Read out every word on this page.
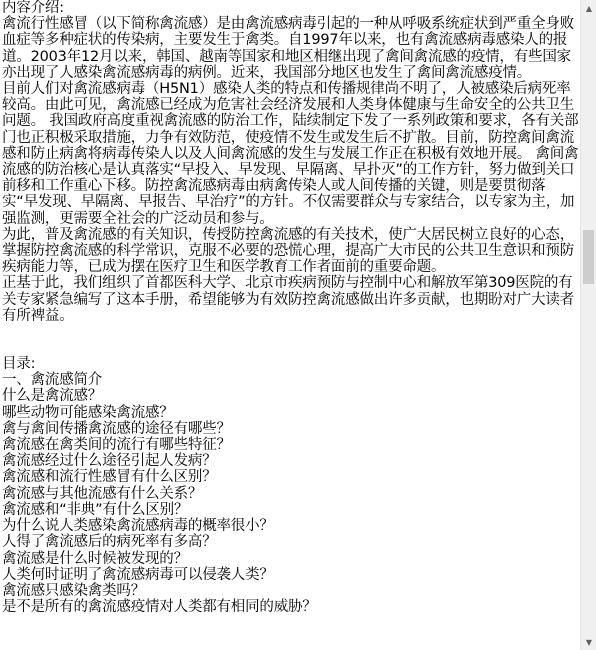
内容介绍:

禽流行性感冒（以下简称禽流感）是由禽流感病毒引起的一种从呼吸系统症状到严重全身败血症等多种症状的传染病，主要发生于禽类。自1997年以来，也有禽流感病毒感染人的报道。2003年12月以来，韩国、越南等国家和地区相继出现了禽间禽流感的疫情，有些国家亦出现了人感染禽流感病毒的病例。近来，我国部分地区也发生了禽间禽流感疫情。

目前人们对禽流感病毒（H5N1）感染人类的特点和传播规律尚不明了，人被感染后病死率较高。由此可见，禽流感已经成为危害社会经济发展和人类身体健康与生命安全的公共卫生问题。 我国政府高度重视禽流感的防治工作，陆续制定下发了一系列政策和要求，各有关部门也正积极采取措施，力争有效防范，使疫情不发生或发生后不扩散。目前，防控禽间禽流感和防止病禽将病毒传染人以及人间禽流感的发生与发展工作正在积极有效地开展。 禽间禽流感的防治核心是认真落实“早投入、早发现、早隔离、早扑灭”的工作方针，努力做到关口前移和工作重心下移。防控禽流感病毒由病禽传染人或人间传播的关键，则是要贯彻落实“早发现、早隔离、早报告、早治疗”的方针。不仅需要群众与专家结合，以专家为主，加强监测，更需要全社会的广泛动员和参与。

为此，普及禽流感的有关知识，传授防控禽流感的有关技术，使广大居民树立良好的心态，掌握防控禽流感的科学常识，克服不必要的恐慌心理，提高广大市民的公共卫生意识和预防疾病能力等，已成为摆在医疗卫生和医学教育工作者面前的重要命题。

正基于此，我们组织了首都医科大学、北京市疾病预防与控制中心和解放军第309医院的有关专家紧急编写了这本手册，希望能够为有效防控禽流感做出许多贡献，也期盼对广大读者有所裨益。

目录:

一、禽流感简介
什么是禽流感？
哪些动物可能感染禽流感？
禽与禽间传播禽流感的途径有哪些？
禽流感在禽类间的流行有哪些特征？
禽流感经过什么途径引起人发病？
禽流感和流行性感冒有什么区别？
禽流感与其他流感有什么关系？
禽流感和“非典”有什么区别？
为什么说人类感染禽流感病毒的概率很小？
人得了禽流感后的病死率有多高？
禽流感是什么时候被发现的？
人类何时证明了禽流感病毒可以侵袭人类？
禽流感只感染禽类吗？
是不是所有的禽流感疫情对人类都有相同的威胁？
▲
▼
